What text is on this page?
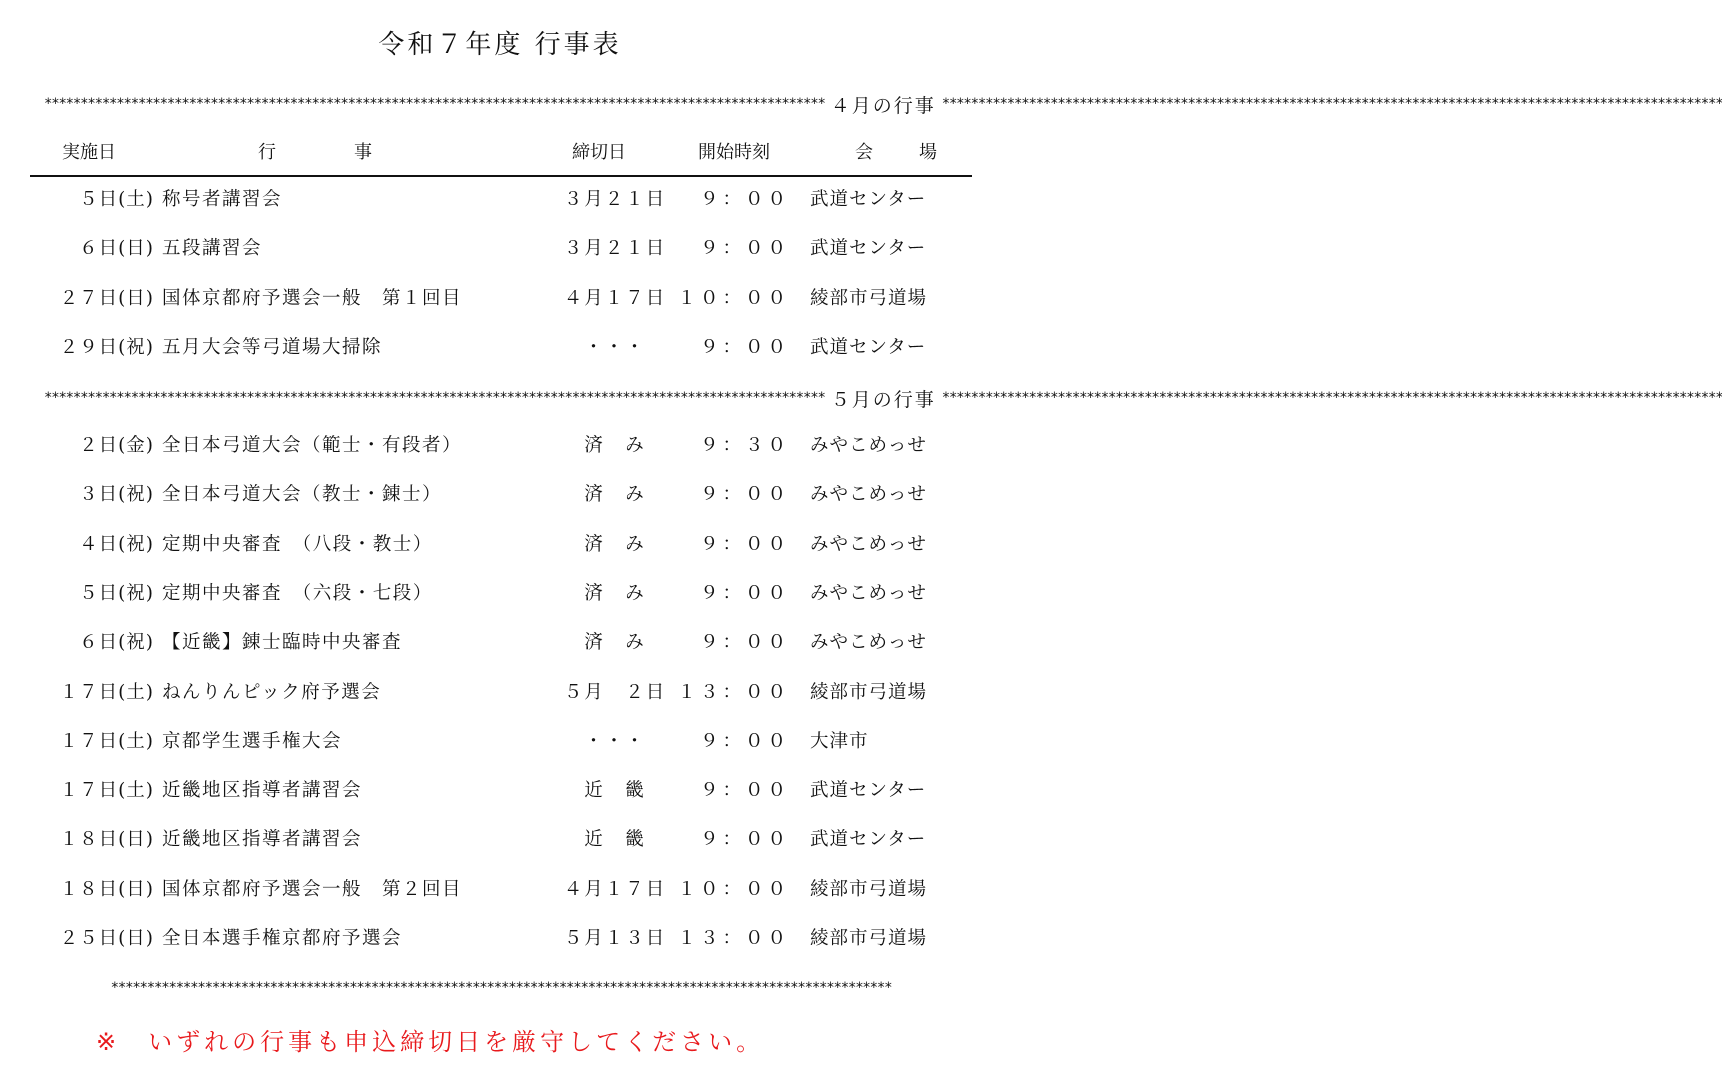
令和７年度 行事表
************************************************************************************************************ ４月の行事 ************************************************************************************************************
実施日	行　　事	締切日	開始時刻	会　場
５日(土) 称号者講習会	３月２１日	９：００ 武道センター
６日(日) 五段講習会	３月２１日	９：００ 武道センター
２７日(日) 国体京都府予選会一般　第１回目	４月１７日 １０：００ 綾部市弓道場
２９日(祝) 五月大会等弓道場大掃除	・・・	９：００ 武道センター
************************************************************************************************************ ５月の行事 ************************************************************************************************************
２日(金) 全日本弓道大会（範士・有段者）	済　み	９：３０ みやこめっせ
３日(祝) 全日本弓道大会（教士・錬士）	済　み	９：００ みやこめっせ
４日(祝) 定期中央審査　（八段・教士）	済　み	９：００ みやこめっせ
５日(祝) 定期中央審査　（六段・七段）	済　み	９：００ みやこめっせ
６日(祝) 【近畿】錬士臨時中央審査	済　み	９：００ みやこめっせ
１７日(土) ねんりんピック府予選会	５月　２日 １３：００ 綾部市弓道場
１７日(土) 京都学生選手権大会	・・・	９：００ 大津市
１７日(土) 近畿地区指導者講習会	近　畿	９：００ 武道センター
１８日(日) 近畿地区指導者講習会	近　畿	９：００ 武道センター
１８日(日) 国体京都府予選会一般　第２回目	４月１７日 １０：００ 綾部市弓道場
２５日(日) 全日本選手権京都府予選会	５月１３日 １３：００ 綾部市弓道場
************************************************************************************************************
※ いずれの行事も申込締切日を厳守してください。
